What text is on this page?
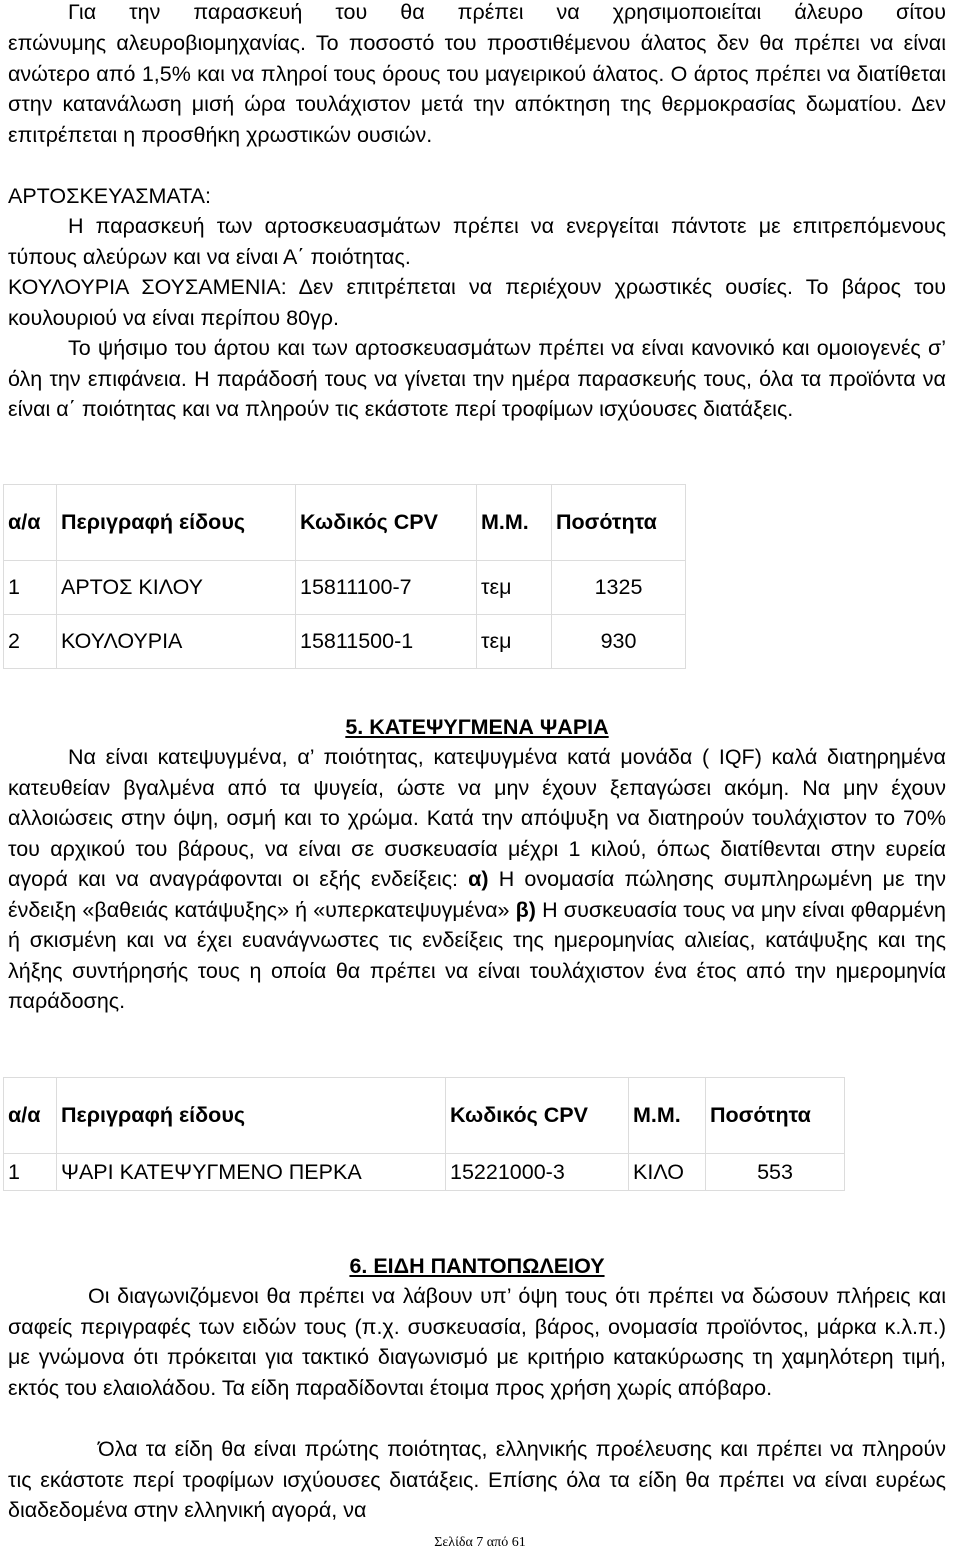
Για την παρασκευή του θα πρέπει να χρησιμοποιείται άλευρο σίτου

επώνυμης αλευροβιομηχανίας. Το ποσοστό του προστιθέμενου άλατος δεν θα πρέπει να είναι ανώτερο από 1,5% και να πληροί τους όρους του μαγειρικού άλατος. Ο άρτος πρέπει να διατίθεται στην κατανάλωση μισή ώρα τουλάχιστον μετά την απόκτηση της θερμοκρασίας δωματίου. Δεν επιτρέπεται η προσθήκη χρωστικών ουσιών.

ΑΡΤΟΣΚΕΥΑΣΜΑΤΑ:

Η παρασκευή των αρτοσκευασμάτων πρέπει να ενεργείται πάντοτε με επιτρεπόμενους τύπους αλεύρων και να είναι Α΄ ποιότητας.

ΚΟΥΛΟΥΡΙΑ ΣΟΥΣΑΜΕΝΙΑ: Δεν επιτρέπεται να περιέχουν χρωστικές ουσίες. Το βάρος του κουλουριού να είναι περίπου 80γρ.

Το ψήσιμο του άρτου και των αρτοσκευασμάτων πρέπει να είναι κανονικό και ομοιογενές σ’ όλη την επιφάνεια. Η παράδοσή τους να γίνεται την ημέρα παρασκευής τους, όλα τα προϊόντα να είναι α΄ ποιότητας και να πληρούν τις εκάστοτε περί τροφίμων ισχύουσες διατάξεις.

α/α	Περιγραφή είδους	Κωδικός CPV	Μ.Μ.	Ποσότητα
1	ΑΡΤΟΣ ΚΙΛΟΥ	15811100-7	τεμ	1325
2	ΚΟΥΛΟΥΡΙΑ	15811500-1	τεμ	930

5. ΚΑΤΕΨΥΓΜΕΝΑ ΨΑΡΙΑ

Να είναι κατεψυγμένα, α’ ποιότητας, κατεψυγμένα κατά μονάδα ( IQF) καλά διατηρημένα κατευθείαν βγαλμένα από τα ψυγεία, ώστε να μην έχουν ξεπαγώσει ακόμη. Να μην έχουν αλλοιώσεις στην όψη, οσμή και το χρώμα. Κατά την απόψυξη να διατηρούν τουλάχιστον το 70% του αρχικού του βάρους, να είναι σε συσκευασία μέχρι 1 κιλού, όπως διατίθενται στην ευρεία αγορά και να αναγράφονται οι εξής ενδείξεις: α) Η ονομασία πώλησης συμπληρωμένη με την ένδειξη «βαθειάς κατάψυξης» ή «υπερκατεψυγμένα» β) Η συσκευασία τους να μην είναι φθαρμένη ή σκισμένη και να έχει ευανάγνωστες τις ενδείξεις της ημερομηνίας αλιείας, κατάψυξης και της λήξης συντήρησής τους η οποία θα πρέπει να είναι τουλάχιστον ένα έτος από την ημερομηνία παράδοσης.

α/α	Περιγραφή είδους	Κωδικός CPV	Μ.Μ.	Ποσότητα
1	ΨΑΡΙ ΚΑΤΕΨΥΓΜΕΝΟ ΠΕΡΚΑ	15221000-3	ΚΙΛΟ	553

6. ΕΙΔΗ ΠΑΝΤΟΠΩΛΕΙΟΥ

Οι διαγωνιζόμενοι θα πρέπει να λάβουν υπ’ όψη τους ότι πρέπει να δώσουν πλήρεις και σαφείς περιγραφές των ειδών τους (π.χ. συσκευασία, βάρος, ονομασία προϊόντος, μάρκα κ.λ.π.) με γνώμονα ότι πρόκειται για τακτικό διαγωνισμό με κριτήριο κατακύρωσης τη χαμηλότερη τιμή, εκτός του ελαιολάδου. Τα είδη παραδίδονται έτοιμα προς χρήση χωρίς απόβαρο.

Όλα τα είδη θα είναι πρώτης ποιότητας, ελληνικής προέλευσης και πρέπει να πληρούν τις εκάστοτε περί τροφίμων ισχύουσες διατάξεις. Επίσης όλα τα είδη θα πρέπει να είναι ευρέως διαδεδομένα στην ελληνική αγορά, να

Σελίδα 7 από 61
